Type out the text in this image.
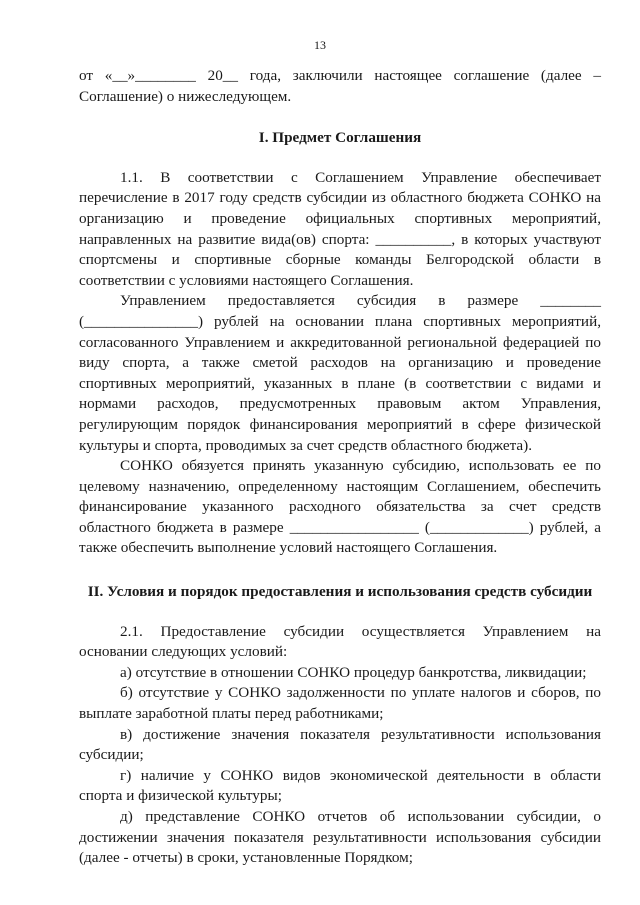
13

от «__»________ 20__ года, заключили настоящее соглашение (далее – Соглашение) о нижеследующем.

I. Предмет Соглашения

1.1. В соответствии с Соглашением Управление обеспечивает перечисление в 2017 году средств субсидии из областного бюджета СОНКО на организацию и проведение официальных спортивных мероприятий, направленных на развитие вида(ов) спорта: __________, в которых участвуют спортсмены и спортивные сборные команды Белгородской области в соответствии с условиями настоящего Соглашения.

Управлением предоставляется субсидия в размере ________ (_______________) рублей на основании плана спортивных мероприятий, согласованного Управлением и аккредитованной региональной федерацией по виду спорта, а также сметой расходов на организацию и проведение спортивных мероприятий, указанных в плане (в соответствии с видами и нормами расходов, предусмотренных правовым актом Управления, регулирующим порядок финансирования мероприятий в сфере физической культуры и спорта, проводимых за счет средств областного бюджета).

СОНКО обязуется принять указанную субсидию, использовать ее по целевому назначению, определенному настоящим Соглашением, обеспечить финансирование указанного расходного обязательства за счет средств областного бюджета в размере _________________ (_____________) рублей, а также обеспечить выполнение условий настоящего Соглашения.

II. Условия и порядок предоставления и использования средств субсидии

2.1. Предоставление субсидии осуществляется Управлением на основании следующих условий:

а) отсутствие в отношении СОНКО процедур банкротства, ликвидации;

б) отсутствие у СОНКО задолженности по уплате налогов и сборов, по выплате заработной платы перед работниками;

в) достижение значения показателя результативности использования субсидии;

г) наличие у СОНКО видов экономической деятельности в области спорта и физической культуры;

д) представление СОНКО отчетов об использовании субсидии, о достижении значения показателя результативности использования субсидии (далее - отчеты) в сроки, установленные Порядком;
